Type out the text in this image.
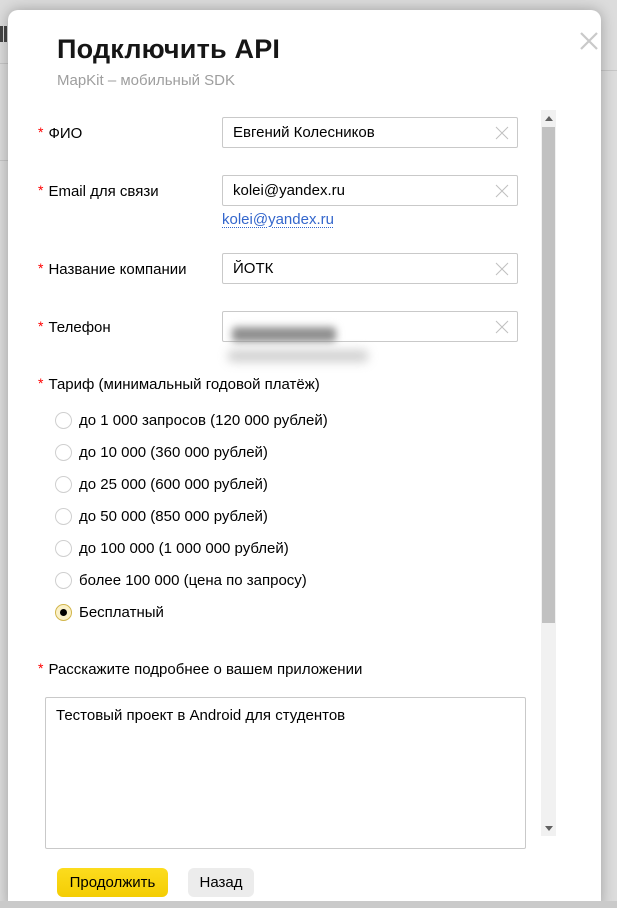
Подключить API
MapKit – мобильный SDK
* ФИО
Евгений Колесников
* Email для связи
kolei@yandex.ru
kolei@yandex.ru
* Название компании
ЙОТК
* Телефон
* Тариф (минимальный годовой платёж)
до 1 000 запросов (120 000 рублей)
до 10 000 (360 000 рублей)
до 25 000 (600 000 рублей)
до 50 000 (850 000 рублей)
до 100 000 (1 000 000 рублей)
более 100 000 (цена по запросу)
Бесплатный
* Расскажите подробнее о вашем приложении
Тестовый проект в Android для студентов
Продолжить	Назад
